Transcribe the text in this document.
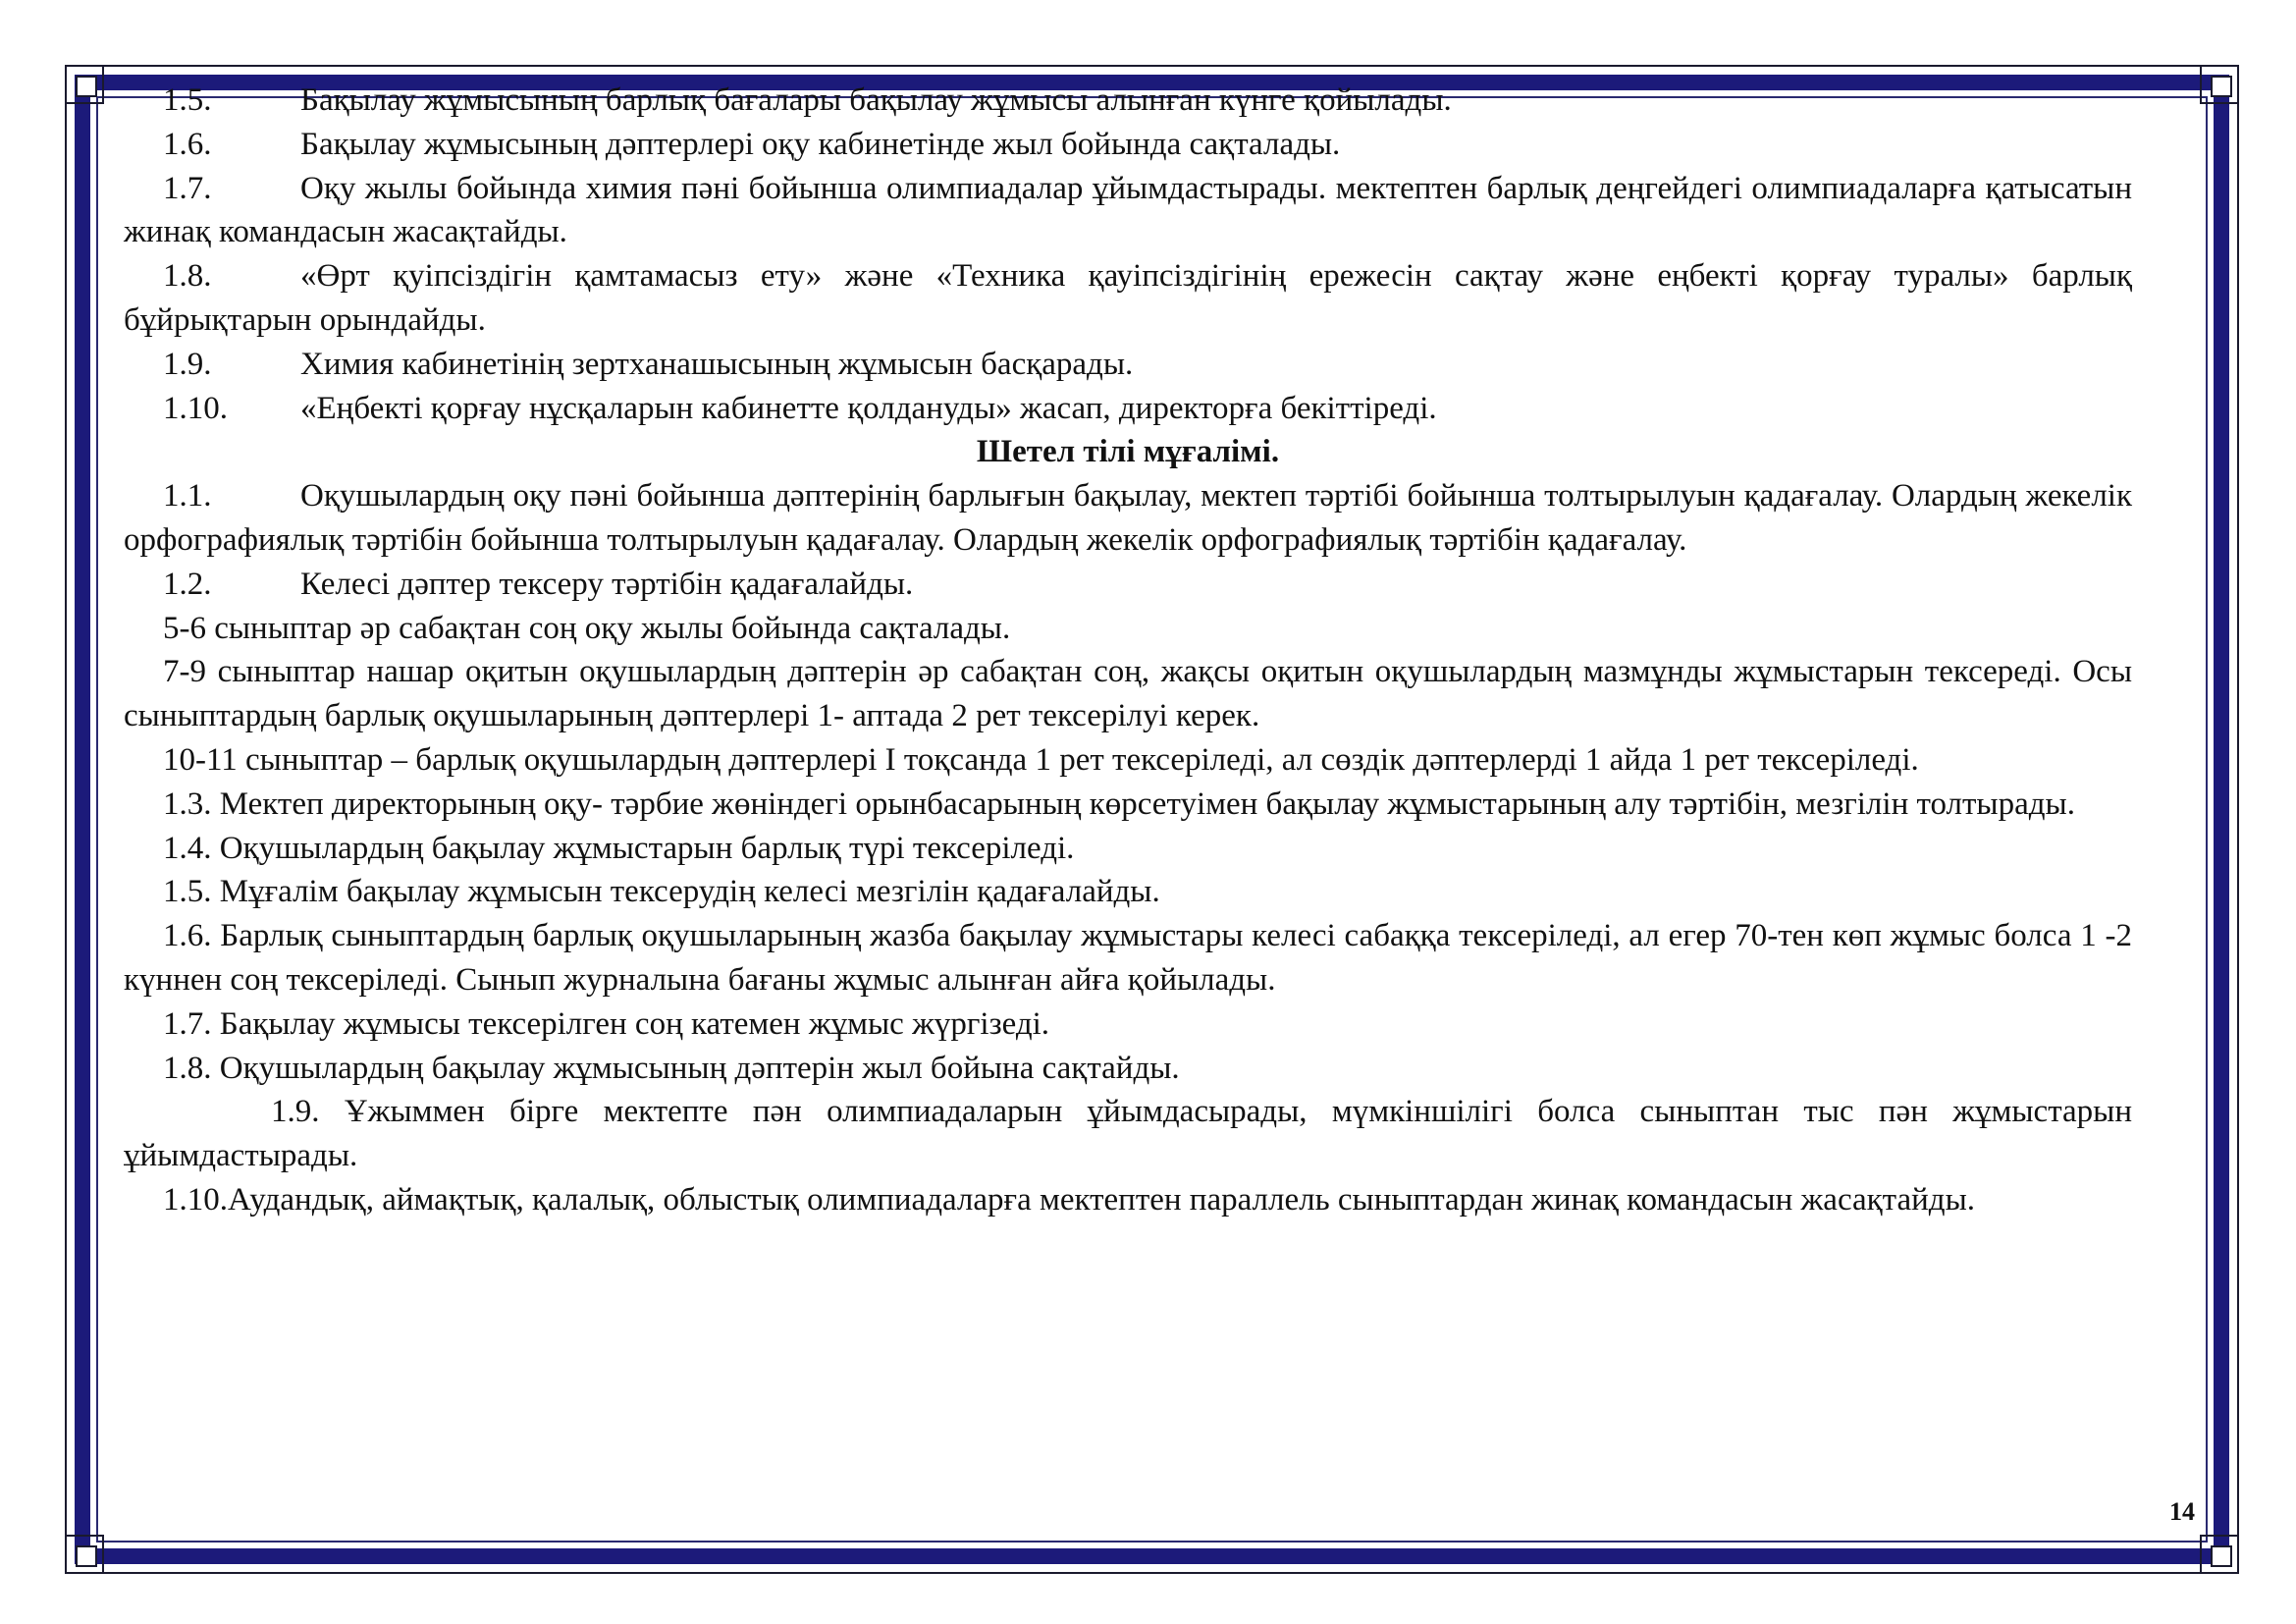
1.5.	Бақылау жұмысының барлық бағалары бақылау жұмысы алынған күнге қойылады.

1.6.	Бақылау жұмысының дәптерлері оқу кабинетінде жыл бойында сақталады.

1.7.	Оқу жылы бойында химия пәні бойынша олимпиадалар ұйымдастырады. мектептен барлық деңгейдегі олимпиадаларға қатысатын жинақ командасын жасақтайды.

1.8.	«Өрт қуіпсіздігін қамтамасыз ету» және «Техника қауіпсіздігінің ережесін сақтау және еңбекті қорғау туралы» барлық бұйрықтарын орындайды.

1.9.	Химия кабинетінің зертханашысының жұмысын басқарады.

1.10. «Еңбекті қорғау нұсқаларын кабинетте қолдануды» жасап, директорға бекіттіреді.

Шетел тілі мұғалімі.

1.1.	Оқушылардың оқу пәні бойынша дәптерінің барлығын бақылау, мектеп тәртібі бойынша толтырылуын қадағалау. Олардың жекелік орфографиялық тәртібін бойынша толтырылуын қадағалау. Олардың жекелік орфографиялық тәртібін қадағалау.

1.2.	Келесі дәптер тексеру тәртібін қадағалайды.

5-6 сыныптар әр сабақтан соң оқу жылы бойында сақталады.

7-9 сыныптар нашар оқитын оқушылардың дәптерін әр сабақтан соң, жақсы оқитын оқушылардың мазмұнды жұмыстарын тексереді. Осы сыныптардың барлық оқушыларының дәптерлері 1- аптада 2 рет тексерілуі керек.

10-11 сыныптар – барлық оқушылардың дәптерлері І тоқсанда 1 рет тексеріледі, ал сөздік дәптерлерді 1 айда 1 рет тексеріледі.

1.3. Мектеп директорының оқу- тәрбие жөніндегі орынбасарының көрсетуімен бақылау жұмыстарының алу тәртібін, мезгілін толтырады.

1.4. Оқушылардың бақылау жұмыстарын барлық түрі тексеріледі.

1.5. Мұғалім бақылау жұмысын тексерудің келесі мезгілін қадағалайды.

1.6. Барлық сыныптардың барлық оқушыларының жазба бақылау жұмыстары келесі сабаққа тексеріледі, ал егер 70-тен көп жұмыс болса 1 -2 күннен соң тексеріледі. Сынып журналына бағаны жұмыс алынған айға қойылады.

1.7. Бақылау жұмысы тексерілген соң катемен жұмыс жүргізеді.

1.8. Оқушылардың бақылау жұмысының дәптерін жыл бойына сақтайды.

1.9. Ұжыммен бірге мектепте пән олимпиадаларын ұйымдасырады, мүмкіншілігі болса сыныптан тыс пән жұмыстарын ұйымдастырады.

1.10.Аудандық, аймақтық, қалалық, облыстық олимпиадаларға мектептен параллель сыныптардан жинақ командасын жасақтайды.

14
